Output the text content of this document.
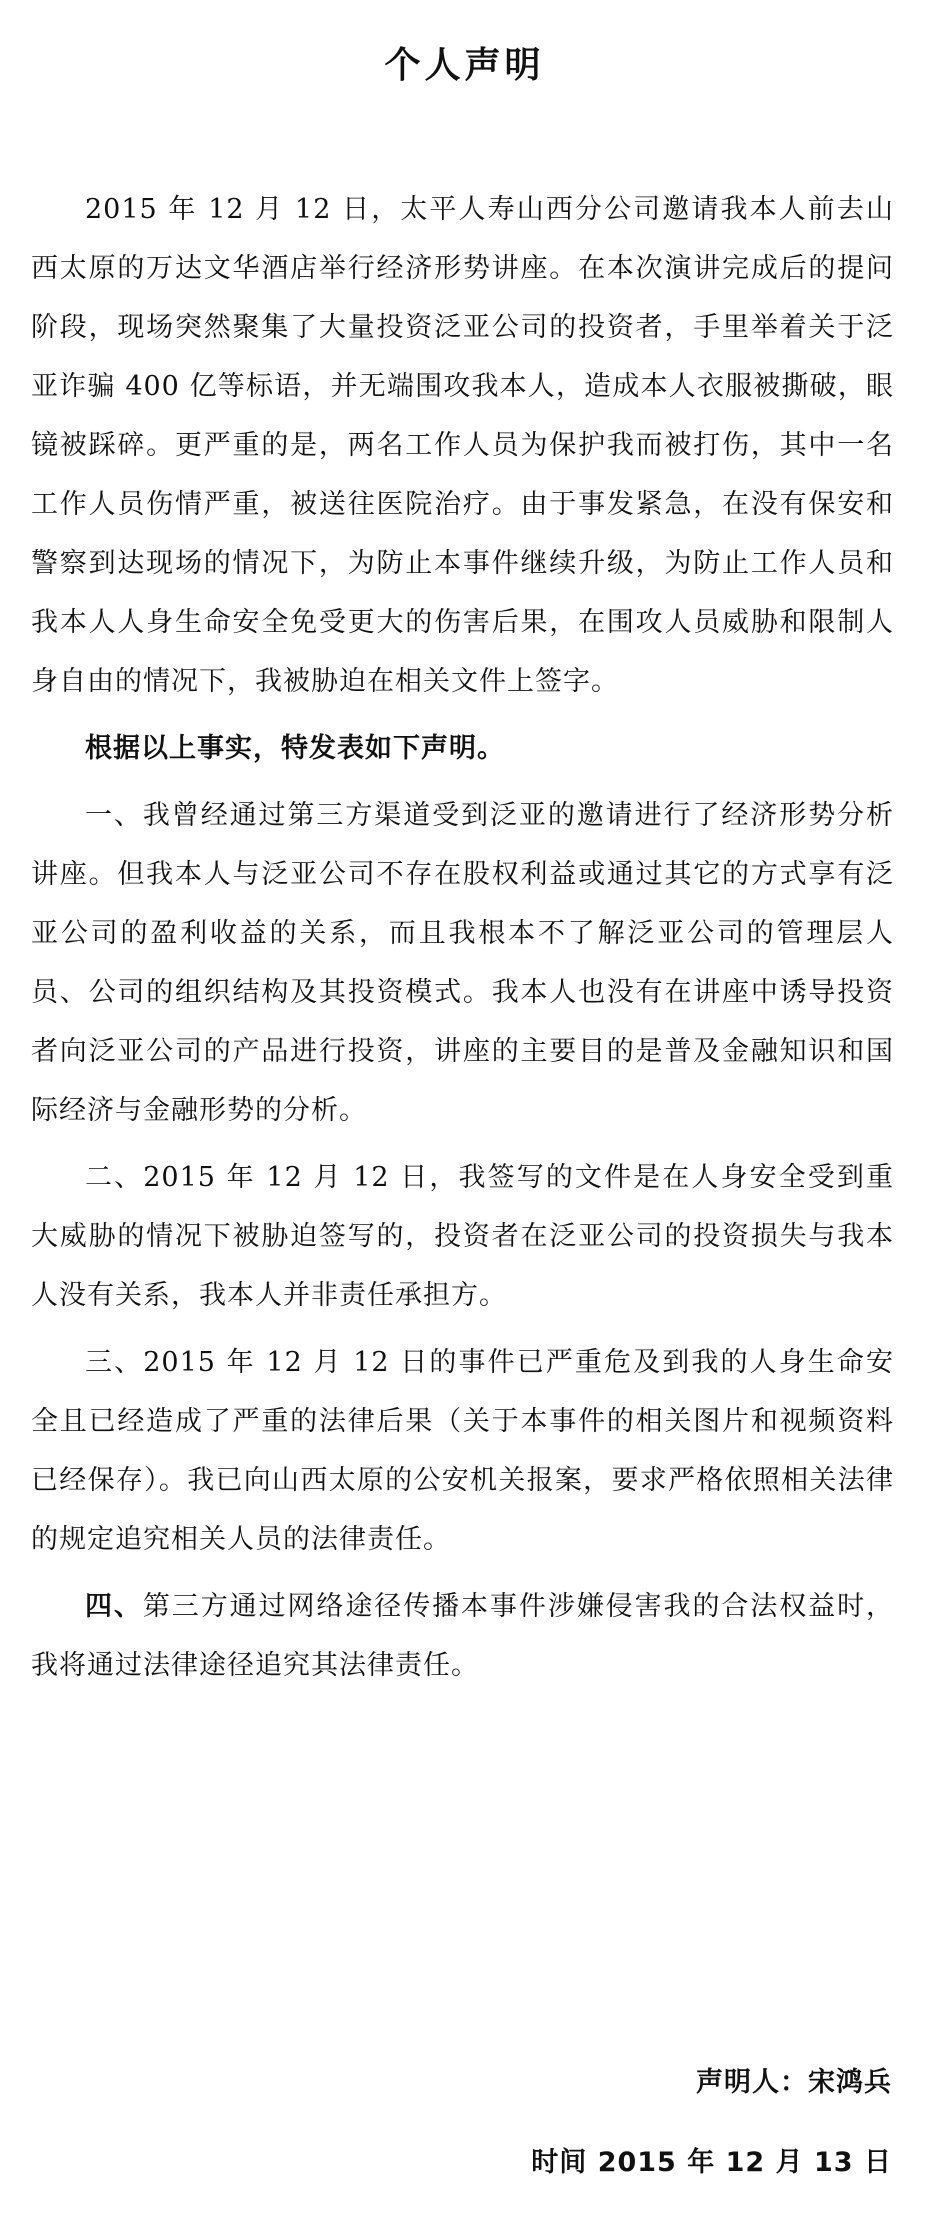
个人声明

2015 年 12 月 12 日，太平人寿山西分公司邀请我本人前去山西太原的万达文华酒店举行经济形势讲座。在本次演讲完成后的提问阶段，现场突然聚集了大量投资泛亚公司的投资者，手里举着关于泛亚诈骗 400 亿等标语，并无端围攻我本人，造成本人衣服被撕破，眼镜被踩碎。更严重的是，两名工作人员为保护我而被打伤，其中一名工作人员伤情严重，被送往医院治疗。由于事发紧急，在没有保安和警察到达现场的情况下，为防止本事件继续升级，为防止工作人员和我本人人身生命安全免受更大的伤害后果，在围攻人员威胁和限制人身自由的情况下，我被胁迫在相关文件上签字。

根据以上事实，特发表如下声明。

一、我曾经通过第三方渠道受到泛亚的邀请进行了经济形势分析讲座。但我本人与泛亚公司不存在股权利益或通过其它的方式享有泛亚公司的盈利收益的关系，而且我根本不了解泛亚公司的管理层人员、公司的组织结构及其投资模式。我本人也没有在讲座中诱导投资者向泛亚公司的产品进行投资，讲座的主要目的是普及金融知识和国际经济与金融形势的分析。

二、2015 年 12 月 12 日，我签写的文件是在人身安全受到重大威胁的情况下被胁迫签写的，投资者在泛亚公司的投资损失与我本人没有关系，我本人并非责任承担方。

三、2015 年 12 月 12 日的事件已严重危及到我的人身生命安全且已经造成了严重的法律后果（关于本事件的相关图片和视频资料已经保存）。我已向山西太原的公安机关报案，要求严格依照相关法律的规定追究相关人员的法律责任。

四、第三方通过网络途径传播本事件涉嫌侵害我的合法权益时，我将通过法律途径追究其法律责任。

声明人：宋鸿兵
时间 2015 年 12 月 13 日
